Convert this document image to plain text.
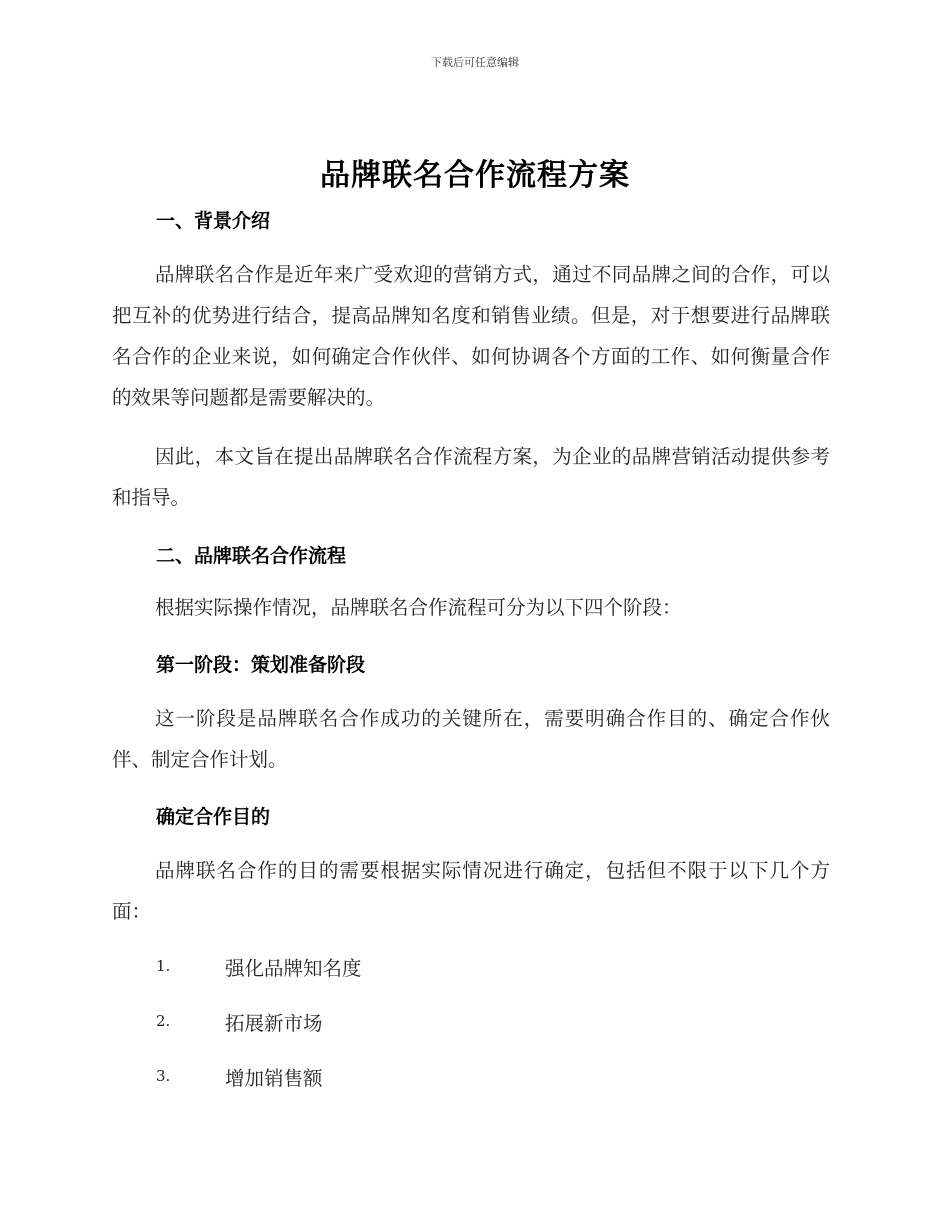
下载后可任意编辑
品牌联名合作流程方案
一、背景介绍

品牌联名合作是近年来广受欢迎的营销方式，通过不同品牌之间的合作，可以把互补的优势进行结合，提高品牌知名度和销售业绩。但是，对于想要进行品牌联名合作的企业来说，如何确定合作伙伴、如何协调各个方面的工作、如何衡量合作的效果等问题都是需要解决的。

因此，本文旨在提出品牌联名合作流程方案，为企业的品牌营销活动提供参考和指导。

二、品牌联名合作流程

根据实际操作情况，品牌联名合作流程可分为以下四个阶段：

第一阶段：策划准备阶段

这一阶段是品牌联名合作成功的关键所在，需要明确合作目的、确定合作伙伴、制定合作计划。

确定合作目的

品牌联名合作的目的需要根据实际情况进行确定，包括但不限于以下几个方面：

1.	强化品牌知名度
2.	拓展新市场
3.	增加销售额
